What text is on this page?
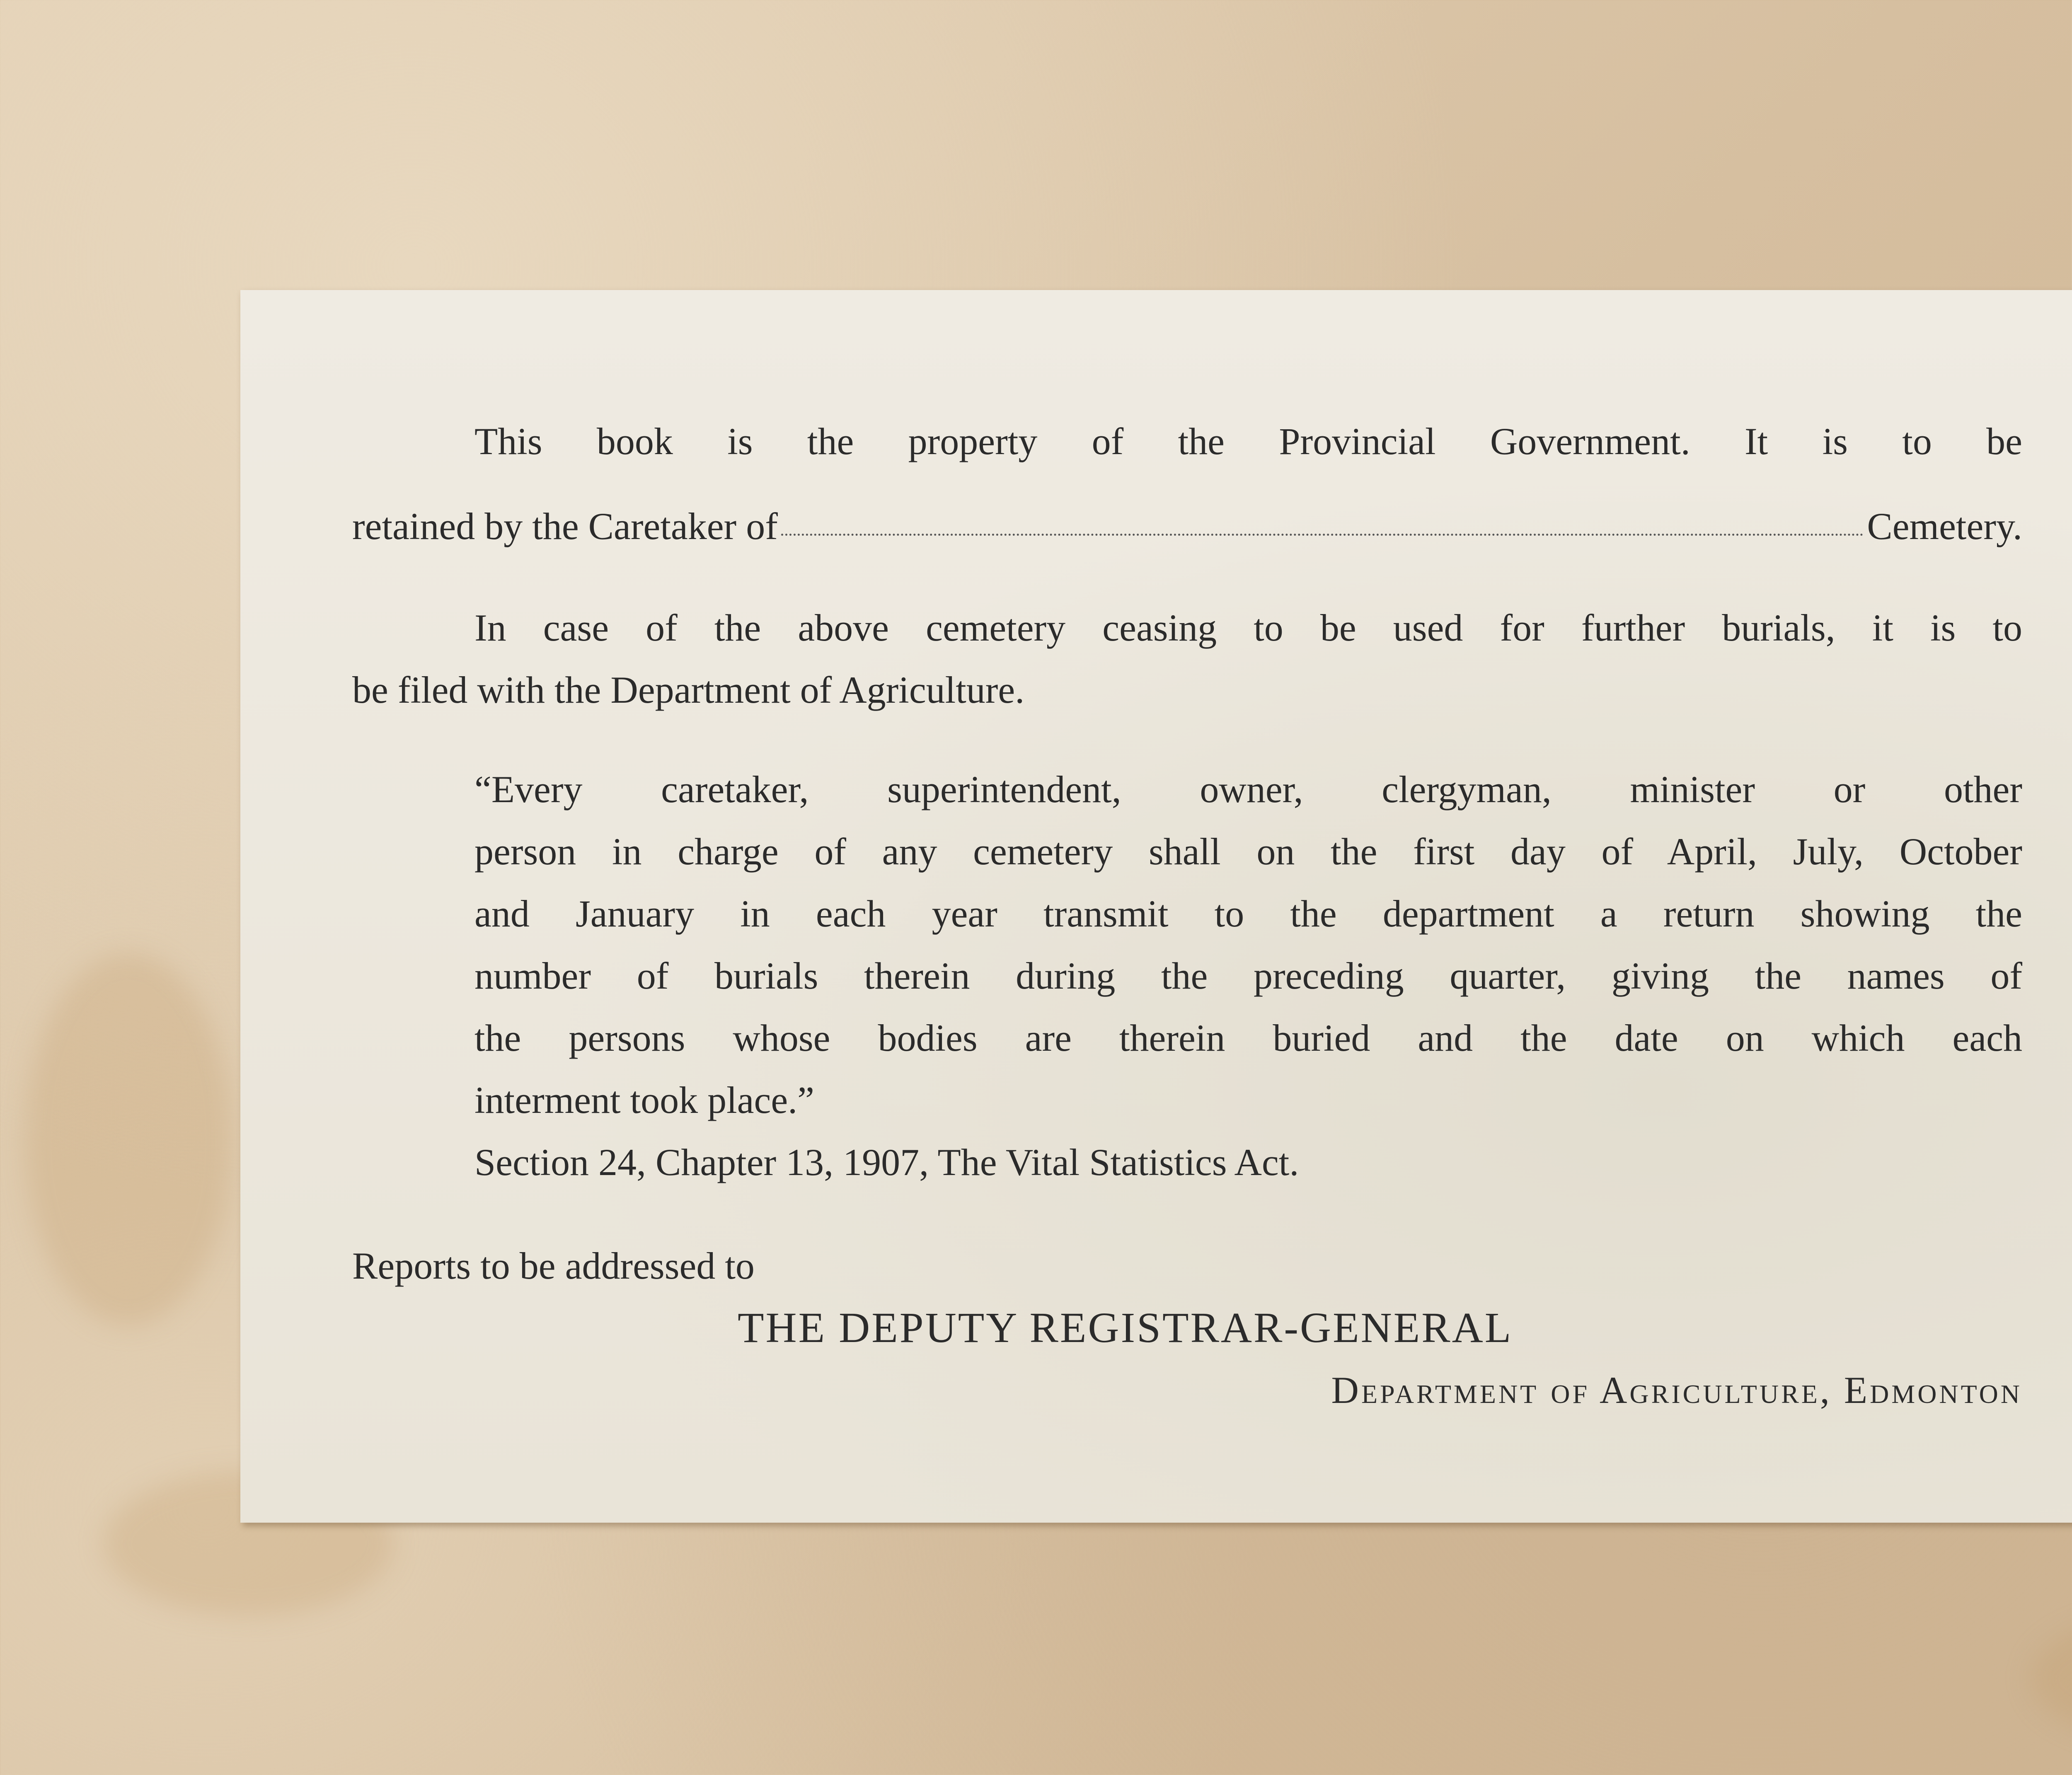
This book is the property of the Provincial Government. It is to be

retained by the Caretaker of	Cemetery.

In case of the above cemetery ceasing to be used for further burials, it is to

be filed with the Department of Agriculture.

“Every caretaker, superintendent, owner, clergyman, minister or other

person in charge of any cemetery shall on the first day of April, July, October

and January in each year transmit to the department a return showing the

number of burials therein during the preceding quarter, giving the names of

the persons whose bodies are therein buried and the date on which each

interment took place.”

Section 24, Chapter 13, 1907, The Vital Statistics Act.

Reports to be addressed to

THE DEPUTY REGISTRAR-GENERAL

Department of Agriculture, Edmonton
